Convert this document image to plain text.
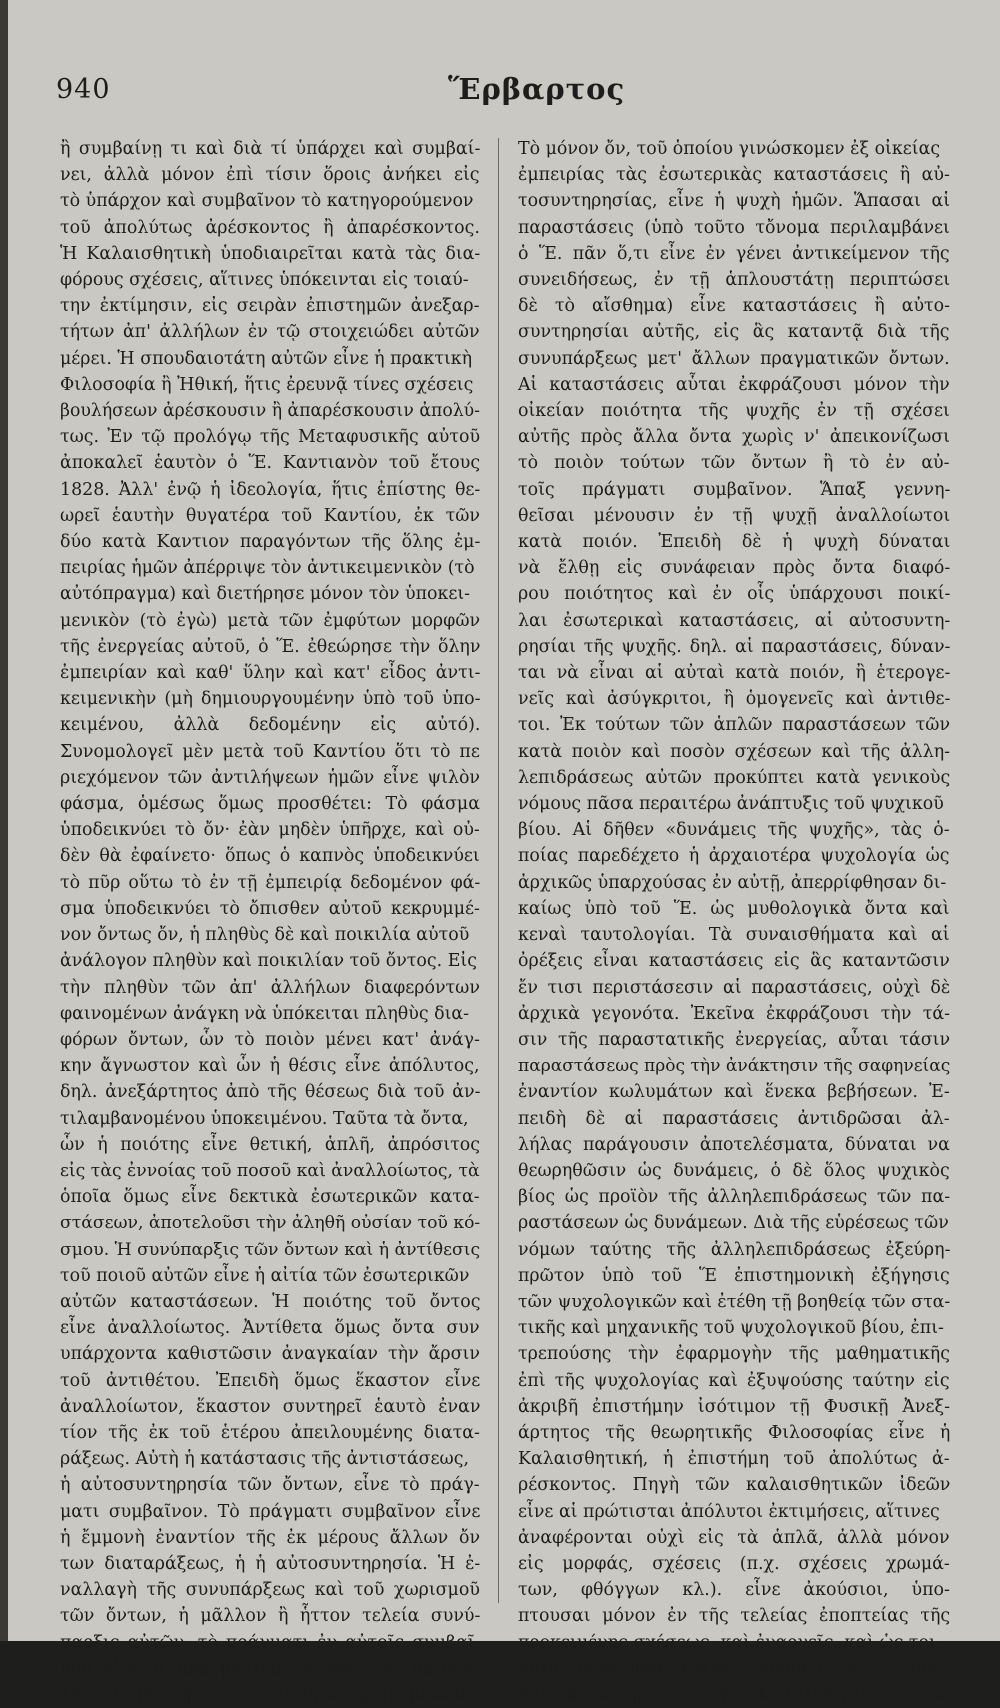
940	Ἕρβαρτος
ἢ συμβαίνῃ τι καὶ διὰ τί ὑπάρχει καὶ συμβαί-
νει, ἀλλὰ μόνον ἐπὶ τίσιν ὅροις ἀνήκει εἰς
τὸ ὑπάρχον καὶ συμβαῖνον τὸ κατηγορούμενον
τοῦ ἀπολύτως ἀρέσκοντος ἢ ἀπαρέσκοντος.
Ἡ Καλαισθητικὴ ὑποδιαιρεῖται κατὰ τὰς δια-
φόρους σχέσεις, αἵτινες ὑπόκεινται εἰς τοιαύ-
την ἐκτίμησιν, εἰς σειρὰν ἐπιστημῶν ἀνεξαρ-
τήτων ἀπ' ἀλλήλων ἐν τῷ στοιχειώδει αὐτῶν
μέρει. Ἡ σπουδαιοτάτη αὐτῶν εἶνε ἡ πρακτικὴ
Φιλοσοφία ἢ Ἠθική, ἥτις ἐρευνᾷ τίνες σχέσεις
βουλήσεων ἀρέσκουσιν ἢ ἀπαρέσκουσιν ἀπολύ-
τως. Ἐν τῷ προλόγῳ τῆς Μεταφυσικῆς αὐτοῦ
ἀποκαλεῖ ἑαυτὸν ὁ Ἕ. Καντιανὸν τοῦ ἔτους
1828. Ἀλλ' ἐνῷ ἡ ἰδεολογία, ἥτις ἐπίστης θε-
ωρεῖ ἑαυτὴν θυγατέρα τοῦ Καντίου, ἐκ τῶν
δύο κατὰ Καντιον παραγόντων τῆς ὅλης ἐμ-
πειρίας ἡμῶν ἀπέρριψε τὸν ἀντικειμενικὸν (τὸ
αὐτόπραγμα) καὶ διετήρησε μόνον τὸν ὑποκει-
μενικὸν (τὸ ἐγὼ) μετὰ τῶν ἐμφύτων μορφῶν
τῆς ἐνεργείας αὐτοῦ, ὁ Ἕ. ἐθεώρησε τὴν ὅλην
ἐμπειρίαν καὶ καθ' ὕλην καὶ κατ' εἶδος ἀντι-
κειμενικὴν (μὴ δημιουργουμένην ὑπὸ τοῦ ὑπο-
κειμένου, ἀλλὰ δεδομένην εἰς αὐτό).
Συνομολογεῖ μὲν μετὰ τοῦ Καντίου ὅτι τὸ πε
ριεχόμενον τῶν ἀντιλήψεων ἡμῶν εἶνε ψιλὸν
φάσμα, ὁμέσως ὅμως προσθέτει: Τὸ φάσμα
ὑποδεικνύει τὸ ὄν· ἐὰν μηδὲν ὑπῆρχε, καὶ οὐ-
δὲν θὰ ἐφαίνετο· ὅπως ὁ καπνὸς ὑποδεικνύει
τὸ πῦρ οὕτω τὸ ἐν τῇ ἐμπειρίᾳ δεδομένον φά-
σμα ὑποδεικνύει τὸ ὄπισθεν αὐτοῦ κεκρυμμέ-
νον ὄντως ὄν, ἡ πληθὺς δὲ καὶ ποικιλία αὐτοῦ
ἀνάλογον πληθὺν καὶ ποικιλίαν τοῦ ὄντος. Εἰς
τὴν πληθὺν τῶν ἀπ' ἀλλήλων διαφερόντων
φαινομένων ἀνάγκη νὰ ὑπόκειται πληθὺς δια-
φόρων ὄντων, ὧν τὸ ποιὸν μένει κατ' ἀνάγ-
κην ἄγνωστον καὶ ὧν ἡ θέσις εἶνε ἀπόλυτος,
δηλ. ἀνεξάρτητος ἀπὸ τῆς θέσεως διὰ τοῦ ἀν-
τιλαμβανομένου ὑποκειμένου. Ταῦτα τὰ ὄντα,
ὧν ἡ ποιότης εἶνε θετική, ἁπλῆ, ἀπρόσιτος
εἰς τὰς ἐννοίας τοῦ ποσοῦ καὶ ἀναλλοίωτος, τὰ
ὁποῖα ὅμως εἶνε δεκτικὰ ἐσωτερικῶν κατα-
στάσεων, ἀποτελοῦσι τὴν ἀληθῆ οὐσίαν τοῦ κό-
σμου. Ἡ συνύπαρξις τῶν ὄντων καὶ ἡ ἀντίθεσις
τοῦ ποιοῦ αὐτῶν εἶνε ἡ αἰτία τῶν ἐσωτερικῶν
αὐτῶν καταστάσεων. Ἡ ποιότης τοῦ ὄντος
εἶνε ἀναλλοίωτος. Ἀντίθετα ὅμως ὄντα συν
υπάρχοντα καθιστῶσιν ἀναγκαίαν τὴν ἄρσιν
τοῦ ἀντιθέτου. Ἐπειδὴ ὅμως ἕκαστον εἶνε
ἀναλλοίωτον, ἕκαστον συντηρεῖ ἑαυτὸ ἐναν
τίον τῆς ἐκ τοῦ ἑτέρου ἀπειλουμένης διατα-
ράξεως. Αὐτὴ ἡ κατάστασις τῆς ἀντιστάσεως,
ἡ αὐτοσυντηρησία τῶν ὄντων, εἶνε τὸ πράγ-
ματι συμβαῖνον. Τὸ πράγματι συμβαῖνον εἶνε
ἡ ἔμμονὴ ἐναντίον τῆς ἐκ μέρους ἄλλων ὄν
των διαταράξεως, ἡ ἡ αὐτοσυντηρησία. Ἡ ἐ-
ναλλαγὴ τῆς συνυπάρξεως καὶ τοῦ χωρισμοῦ
τῶν ὄντων, ἡ μᾶλλον ἢ ἧττον τελεία συνύ-
παρξις αὐτῶν, τὸ πράγματι ἐν αὐτοῖς συμβαῖ-
νον εἶνε ὁ πραγματικὸς λόγος τῆς μεταβο-
λῆς καὶ ποιότητος τῶν αἰσθητῶν φαινομένων.
Τὸ μόνον ὄν, τοῦ ὁποίου γινώσκομεν ἐξ οἰκείας
ἐμπειρίας τὰς ἐσωτερικὰς καταστάσεις ἢ αὐ-
τοσυντηρησίας, εἶνε ἡ ψυχὴ ἡμῶν. Ἅπασαι αἱ
παραστάσεις (ὑπὸ τοῦτο τὄνομα περιλαμβάνει
ὁ Ἕ. πᾶν ὅ,τι εἶνε ἐν γένει ἀντικείμενον τῆς
συνειδήσεως, ἐν τῇ ἁπλουστάτῃ περιπτώσει
δὲ τὸ αἴσθημα) εἶνε καταστάσεις ἢ αὐτο-
συντηρησίαι αὐτῆς, εἰς ἃς καταντᾷ διὰ τῆς
συνυπάρξεως μετ' ἄλλων πραγματικῶν ὄντων.
Αἱ καταστάσεις αὗται ἐκφράζουσι μόνον τὴν
οἰκείαν ποιότητα τῆς ψυχῆς ἐν τῇ σχέσει
αὐτῆς πρὸς ἄλλα ὄντα χωρὶς ν' ἀπεικονίζωσι
τὸ ποιὸν τούτων τῶν ὄντων ἢ τὸ ἐν αὐ-
τοῖς πράγματι συμβαῖνον. Ἅπαξ γεννη-
θεῖσαι μένουσιν ἐν τῇ ψυχῇ ἀναλλοίωτοι
κατὰ ποιόν. Ἐπειδὴ δὲ ἡ ψυχὴ δύναται
νὰ ἔλθῃ εἰς συνάφειαν πρὸς ὄντα διαφό-
ρου ποιότητος καὶ ἐν οἷς ὑπάρχουσι ποικί-
λαι ἐσωτερικαὶ καταστάσεις, αἱ αὐτοσυντη-
ρησίαι τῆς ψυχῆς. δηλ. αἱ παραστάσεις, δύναν-
ται νὰ εἶναι αἱ αὐταὶ κατὰ ποιόν, ἢ ἑτερογε-
νεῖς καὶ ἀσύγκριτοι, ἢ ὁμογενεῖς καὶ ἀντιθε-
τοι. Ἐκ τούτων τῶν ἁπλῶν παραστάσεων τῶν
κατὰ ποιὸν καὶ ποσὸν σχέσεων καὶ τῆς ἀλλη-
λεπιδράσεως αὐτῶν προκύπτει κατὰ γενικοὺς
νόμους πᾶσα περαιτέρω ἀνάπτυξις τοῦ ψυχικοῦ
βίου. Αἱ δῆθεν «δυνάμεις τῆς ψυχῆς», τὰς ὁ-
ποίας παρεδέχετο ἡ ἀρχαιοτέρα ψυχολογία ὡς
ἀρχικῶς ὑπαρχούσας ἐν αὐτῇ, ἀπερρίφθησαν δι-
καίως ὑπὸ τοῦ Ἕ. ὡς μυθολογικὰ ὄντα καὶ
κεναὶ ταυτολογίαι. Τὰ συναισθήματα καὶ αἱ
ὀρέξεις εἶναι καταστάσεις εἰς ἃς καταντῶσιν
ἔν τισι περιστάσεσιν αἱ παραστάσεις, οὐχὶ δὲ
ἀρχικὰ γεγονότα. Ἐκεῖνα ἐκφράζουσι τὴν τά-
σιν τῆς παραστατικῆς ἐνεργείας, αὗται τάσιν
παραστάσεως πρὸς τὴν ἀνάκτησιν τῆς σαφηνείας
ἐναντίον κωλυμάτων καὶ ἕνεκα βεβήσεων. Ἐ-
πειδὴ δὲ αἱ παραστάσεις ἀντιδρῶσαι ἀλ-
λήλας παράγουσιν ἀποτελέσματα, δύναται να
θεωρηθῶσιν ὡς δυνάμεις, ὁ δὲ ὅλος ψυχικὸς
βίος ὡς προϊὸν τῆς ἀλληλεπιδράσεως τῶν πα-
ραστάσεων ὡς δυνάμεων. Διὰ τῆς εὑρέσεως τῶν
νόμων ταύτης τῆς ἀλληλεπιδράσεως ἐξεύρη-
πρῶτον ὑπὸ τοῦ Ἕ ἐπιστημονικὴ ἐξήγησις
τῶν ψυχολογικῶν καὶ ἐτέθη τῇ βοηθείᾳ τῶν στα-
τικῆς καὶ μηχανικῆς τοῦ ψυχολογικοῦ βίου, ἐπι-
τρεπούσης τὴν ἐφαρμογὴν τῆς μαθηματικῆς
ἐπὶ τῆς ψυχολογίας καὶ ἐξυψούσης ταύτην εἰς
ἀκριβῆ ἐπιστήμην ἰσότιμον τῇ Φυσικῇ Ἀνεξ-
άρτητος τῆς θεωρητικῆς Φιλοσοφίας εἶνε ἡ
Καλαισθητική, ἡ ἐπιστήμη τοῦ ἀπολύτως ἀ-
ρέσκοντος. Πηγὴ τῶν καλαισθητικῶν ἰδεῶν
εἶνε αἱ πρώτισται ἀπόλυτοι ἐκτιμήσεις, αἵτινες
ἀναφέρονται οὐχὶ εἰς τὰ ἁπλᾶ, ἀλλὰ μόνον
εἰς μορφάς, σχέσεις (π.χ. σχέσεις χρωμά-
των, φθόγγων κλ.). εἶνε ἀκούσιοι, ὑπο-
πτουσαι μόνον ἐν τῆς τελείας ἐποπτείας τῆς
προκειμένης σχέσεως, καὶ ἐναργεῖς, καὶ ὡς τοι-
οῦτοι μὴ ἔχουσαι ἀνάγκην ἀποδείξεως. Τὸ σπου-
δαιότατον μέρος τῆς Καλαισθητικῆς εἶνε
